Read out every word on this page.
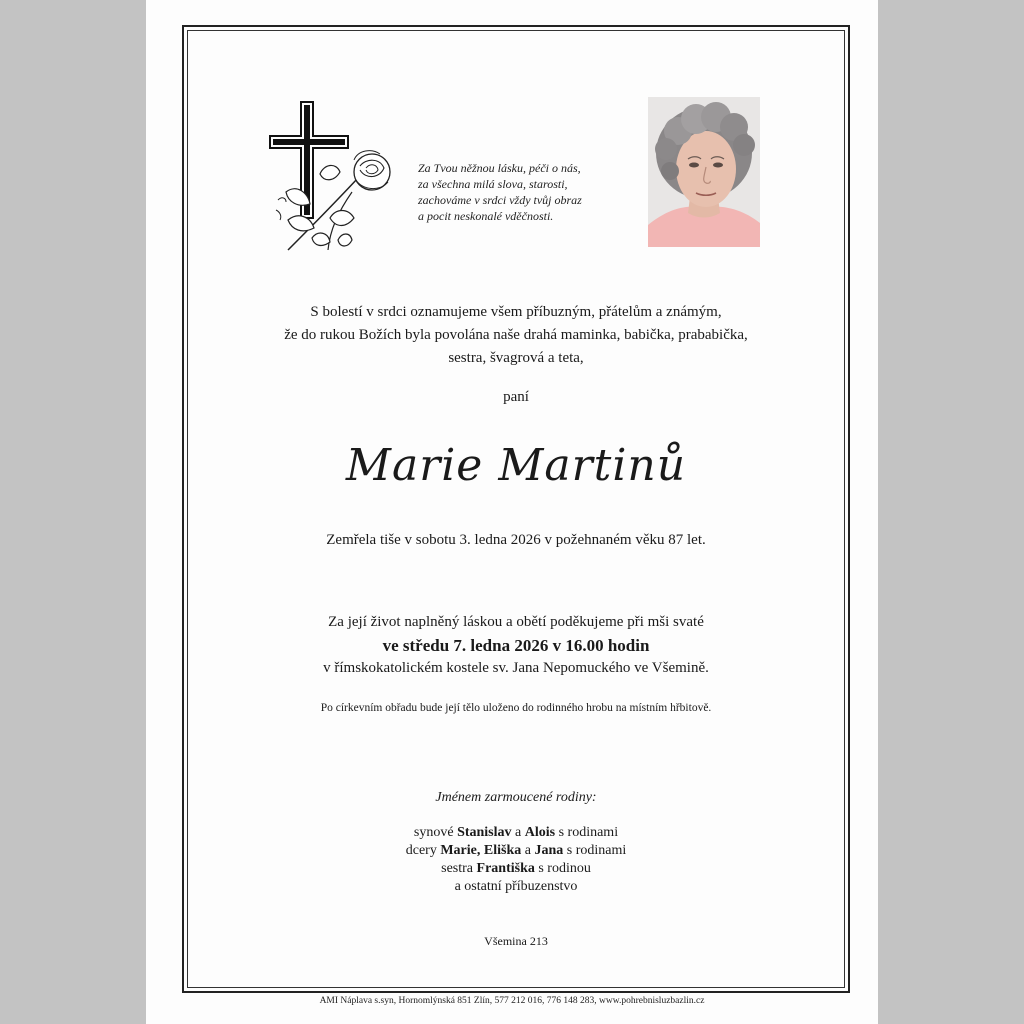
Za Tvou něžnou lásku, péči o nás,
za všechna milá slova, starosti,
zachováme v srdci vždy tvůj obraz
a pocit neskonalé vděčnosti.
S bolestí v srdci oznamujeme všem příbuzným, přátelům a známým,
že do rukou Božích byla povolána naše drahá maminka, babička, prababička,
sestra, švagrová a teta,
paní
Marie Martinů
Zemřela tiše v sobotu 3. ledna 2026 v požehnaném věku 87 let.
Za její život naplněný láskou a obětí poděkujeme při mši svaté
ve středu 7. ledna 2026 v 16.00 hodin
v římskokatolickém kostele sv. Jana Nepomuckého ve Všemině.
Po církevním obřadu bude její tělo uloženo do rodinného hrobu na místním hřbitově.
Jménem zarmoucené rodiny:
synové Stanislav a Alois s rodinami
dcery Marie, Eliška a Jana s rodinami
sestra Františka s rodinou
a ostatní příbuzenstvo
Všemina 213
AMI Náplava s.syn, Hornomlýnská 851 Zlín, 577 212 016, 776 148 283, www.pohrebnisluzbazlin.cz
